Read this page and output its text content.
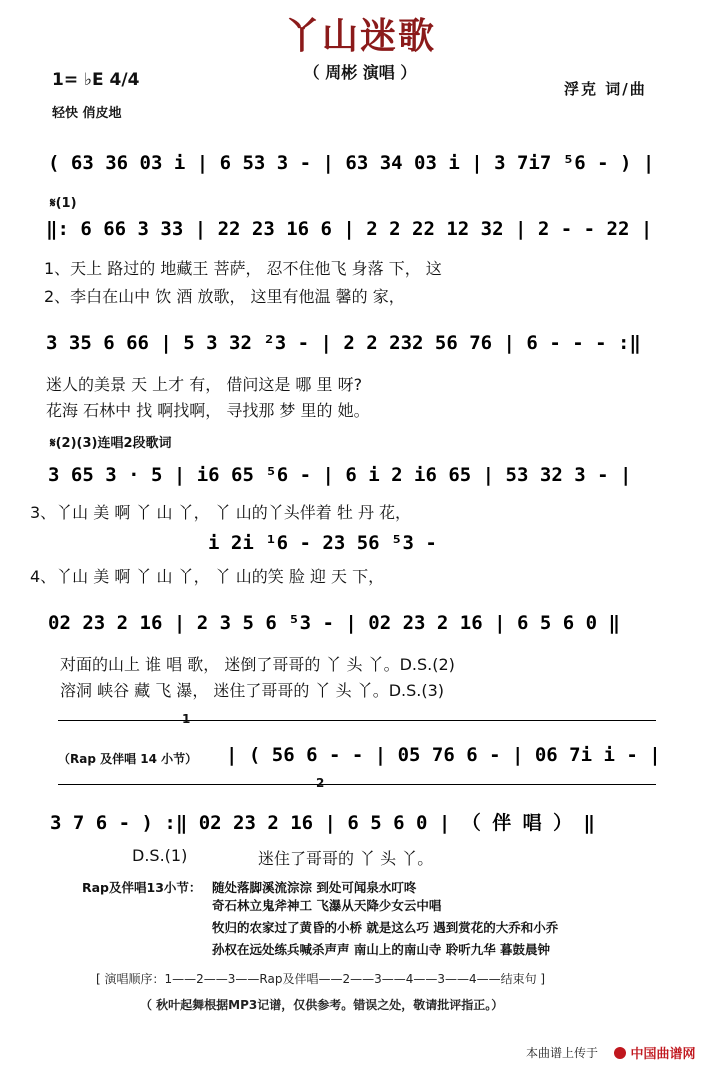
丫山迷歌
（ 周彬 演唱 ）
1= ♭E 4/4
轻快 俏皮地
浮克 词/曲
( 63 36 03 i | 6 53 3 - | 63 34 03 i | 3 7i7 ⁵6 - ) |
𝄋(1)
‖: 6 66 3 33 | 22 23 16 6 | 2 2 22 12 32 | 2 - - 22 |
1、天上 路过的 地藏王 菩萨， 忍不住他飞 身落 下， 这
2、李白在山中 饮 酒 放歌， 这里有他温 馨的 家，
3 35 6 66 | 5 3 32 ²3 - | 2 2 232 56 76 | 6 - - - :‖
迷人的美景 天 上才 有， 借问这是 哪 里 呀?
花海 石林中 找 啊找啊， 寻找那 梦 里的 她。
𝄋(2)(3)连唱2段歌词
3 65 3 · 5 | i6 65 ⁵6 - | 6 i 2 i6 65 | 53 32 3 - |
3、丫山 美 啊 丫 山 丫， 丫 山的丫头伴着 牡 丹 花，
i 2i ¹6 - 23 56 ⁵3 -
4、丫山 美 啊 丫 山 丫， 丫 山的笑 脸 迎 天 下，
02 23 2 16 | 2 3 5 6 ⁵3 - | 02 23 2 16 | 6 5 6 0 ‖
对面的山上 谁 唱 歌， 迷倒了哥哥的 丫 头 丫。D.S.(2)
溶洞 峡谷 藏 飞 瀑， 迷住了哥哥的 丫 头 丫。D.S.(3)
1
2
（Rap 及伴唱 14 小节） | ( 56 6 - - | 05 76 6 - | 06 7i i - |
3 7 6 - ) :‖ 02 23 2 16 | 6 5 6 0 | （ 伴 唱 ） ‖
D.S.(1)	迷住了哥哥的 丫 头 丫。
Rap及伴唱13小节： 随处落脚溪流淙淙 到处可闻泉水叮咚
奇石林立鬼斧神工 飞瀑从天降少女云中唱
牧归的农家过了黄昏的小桥 就是这么巧 遇到赏花的大乔和小乔
孙权在远处练兵喊杀声声 南山上的南山寺 聆听九华 暮鼓晨钟
[ 演唱顺序：1——2——3——Rap及伴唱——2——3——4——3——4——结束句 ]
（ 秋叶起舞根据MP3记谱，仅供参考。错误之处，敬请批评指正。）
本曲谱上传于	中国曲谱网
